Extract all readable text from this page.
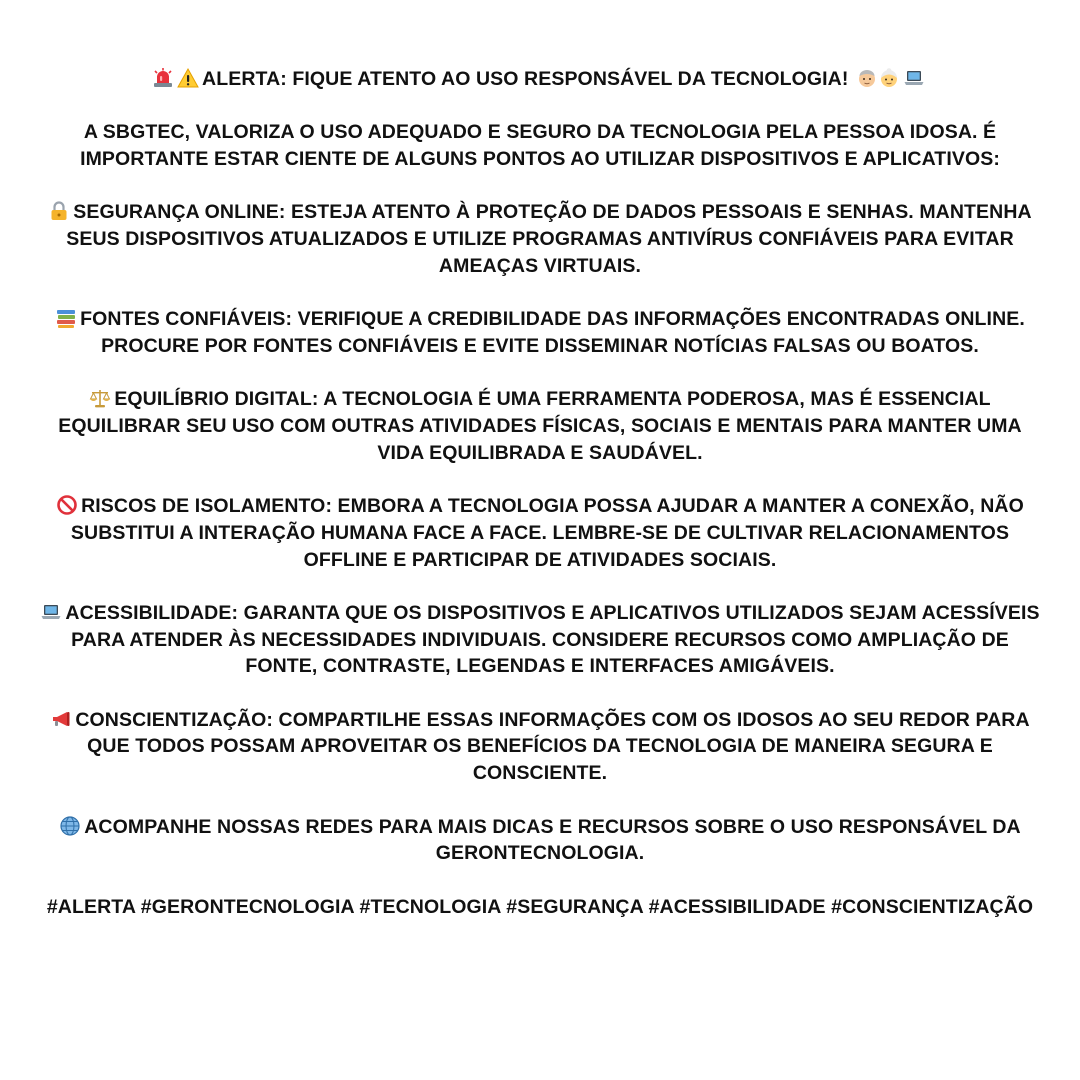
ALERTA: FIQUE ATENTO AO USO RESPONSÁVEL DA TECNOLOGIA!

A SBGTEC, VALORIZA O USO ADEQUADO E SEGURO DA TECNOLOGIA PELA PESSOA IDOSA. É IMPORTANTE ESTAR CIENTE DE ALGUNS PONTOS AO UTILIZAR DISPOSITIVOS E APLICATIVOS:

SEGURANÇA ONLINE: ESTEJA ATENTO À PROTEÇÃO DE DADOS PESSOAIS E SENHAS. MANTENHA SEUS DISPOSITIVOS ATUALIZADOS E UTILIZE PROGRAMAS ANTIVÍRUS CONFIÁVEIS PARA EVITAR AMEAÇAS VIRTUAIS.

FONTES CONFIÁVEIS: VERIFIQUE A CREDIBILIDADE DAS INFORMAÇÕES ENCONTRADAS ONLINE. PROCURE POR FONTES CONFIÁVEIS E EVITE DISSEMINAR NOTÍCIAS FALSAS OU BOATOS.

EQUILÍBRIO DIGITAL: A TECNOLOGIA É UMA FERRAMENTA PODEROSA, MAS É ESSENCIAL EQUILIBRAR SEU USO COM OUTRAS ATIVIDADES FÍSICAS, SOCIAIS E MENTAIS PARA MANTER UMA VIDA EQUILIBRADA E SAUDÁVEL.

RISCOS DE ISOLAMENTO: EMBORA A TECNOLOGIA POSSA AJUDAR A MANTER A CONEXÃO, NÃO SUBSTITUI A INTERAÇÃO HUMANA FACE A FACE. LEMBRE-SE DE CULTIVAR RELACIONAMENTOS OFFLINE E PARTICIPAR DE ATIVIDADES SOCIAIS.

ACESSIBILIDADE: GARANTA QUE OS DISPOSITIVOS E APLICATIVOS UTILIZADOS SEJAM ACESSÍVEIS PARA ATENDER ÀS NECESSIDADES INDIVIDUAIS. CONSIDERE RECURSOS COMO AMPLIAÇÃO DE FONTE, CONTRASTE, LEGENDAS E INTERFACES AMIGÁVEIS.

CONSCIENTIZAÇÃO: COMPARTILHE ESSAS INFORMAÇÕES COM OS IDOSOS AO SEU REDOR PARA QUE TODOS POSSAM APROVEITAR OS BENEFÍCIOS DA TECNOLOGIA DE MANEIRA SEGURA E CONSCIENTE.

ACOMPANHE NOSSAS REDES PARA MAIS DICAS E RECURSOS SOBRE O USO RESPONSÁVEL DA GERONTECNOLOGIA.

#ALERTA #GERONTECNOLOGIA #TECNOLOGIA #SEGURANÇA #ACESSIBILIDADE #CONSCIENTIZAÇÃO
